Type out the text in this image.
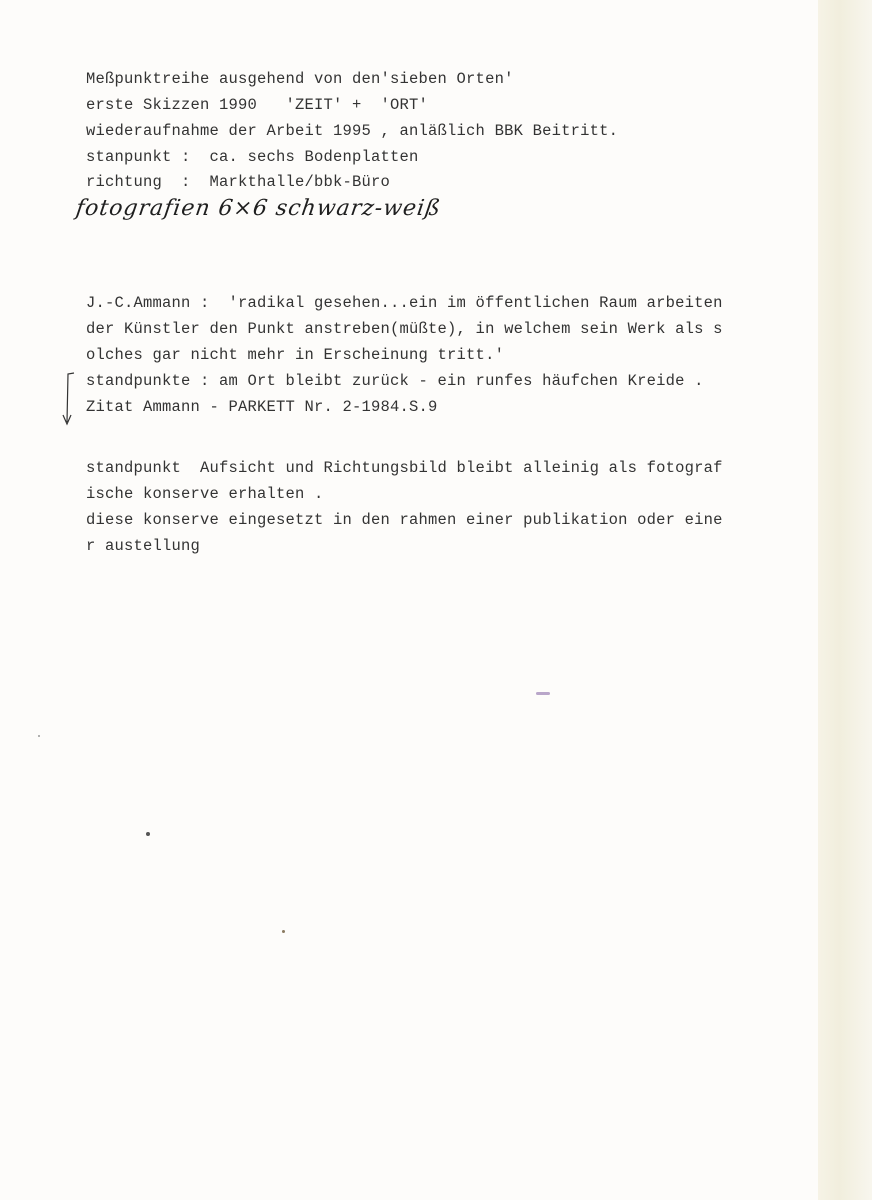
Meßpunktreihe ausgehend von den'sieben Orten'
erste Skizzen 1990   'ZEIT' +  'ORT'
wiederaufnahme der Arbeit 1995 , anläßlich BBK Beitritt.
stanpunkt :  ca. sechs Bodenplatten
richtung  :  Markthalle/bbk-Büro
fotografien 6×6 schwarz-weiß
J.-C.Ammann :  'radikal gesehen...ein im öffentlichen Raum arbeiten
der Künstler den Punkt anstreben(müßte), in welchem sein Werk als s
olches gar nicht mehr in Erscheinung tritt.'
standpunkte : am Ort bleibt zurück - ein runfes häufchen Kreide .
Zitat Ammann - PARKETT Nr. 2-1984.S.9
standpunkt  Aufsicht und Richtungsbild bleibt alleinig als fotograf
ische konserve erhalten .
diese konserve eingesetzt in den rahmen einer publikation oder eine
r austellung
